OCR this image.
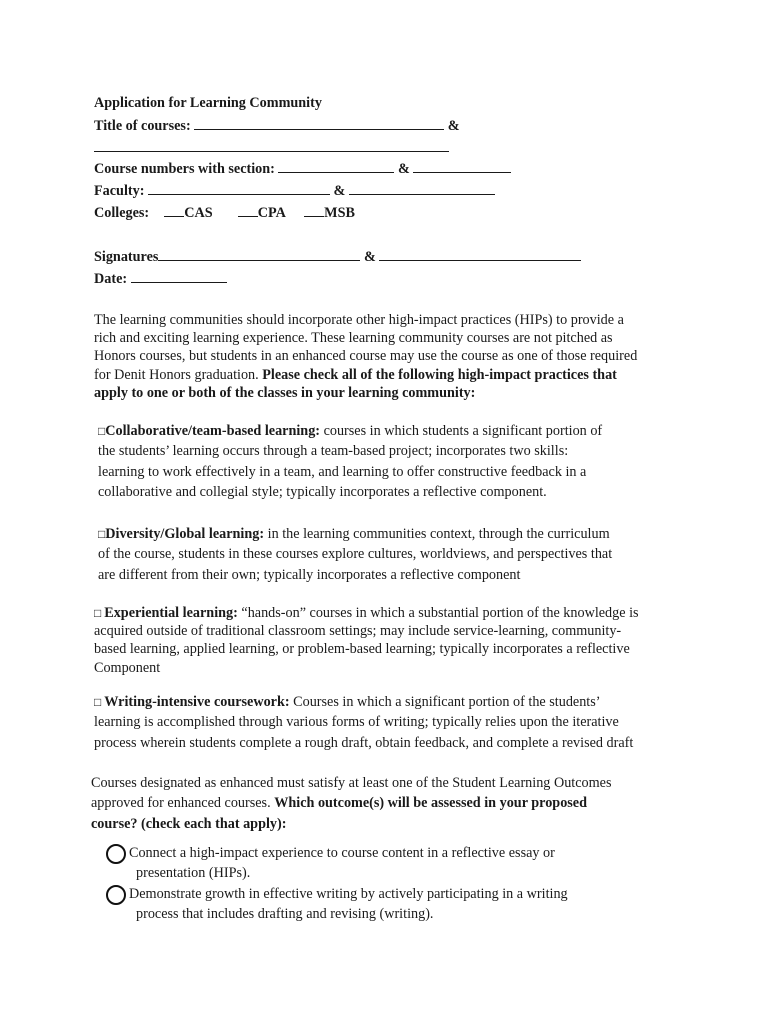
Application for Learning Community
Title of courses:	&
Course numbers with section:	&
Faculty:	&
Colleges: CAS	CPA	MSB
Signatures	&
Date:
The learning communities should incorporate other high-impact practices (HIPs) to provide a
rich and exciting learning experience. These learning community courses are not pitched as
Honors courses, but students in an enhanced course may use the course as one of those required
for Denit Honors graduation. Please check all of the following high-impact practices that
apply to one or both of the classes in your learning community:
□Collaborative/team-based learning: courses in which students a significant portion of
the students’ learning occurs through a team-based project; incorporates two skills:
learning to work effectively in a team, and learning to offer constructive feedback in a
collaborative and collegial style; typically incorporates a reflective component.
□Diversity/Global learning: in the learning communities context, through the curriculum
of the course, students in these courses explore cultures, worldviews, and perspectives that
are different from their own; typically incorporates a reflective component
□ Experiential learning: “hands-on” courses in which a substantial portion of the knowledge is
acquired outside of traditional classroom settings; may include service-learning, community-
based learning, applied learning, or problem-based learning; typically incorporates a reflective
Component
□ Writing-intensive coursework: Courses in which a significant portion of the students’
learning is accomplished through various forms of writing; typically relies upon the iterative
process wherein students complete a rough draft, obtain feedback, and complete a revised draft
Courses designated as enhanced must satisfy at least one of the Student Learning Outcomes
approved for enhanced courses. Which outcome(s) will be assessed in your proposed
course? (check each that apply):
Connect a high-impact experience to course content in a reflective essay or
presentation (HIPs).
Demonstrate growth in effective writing by actively participating in a writing
process that includes drafting and revising (writing).
